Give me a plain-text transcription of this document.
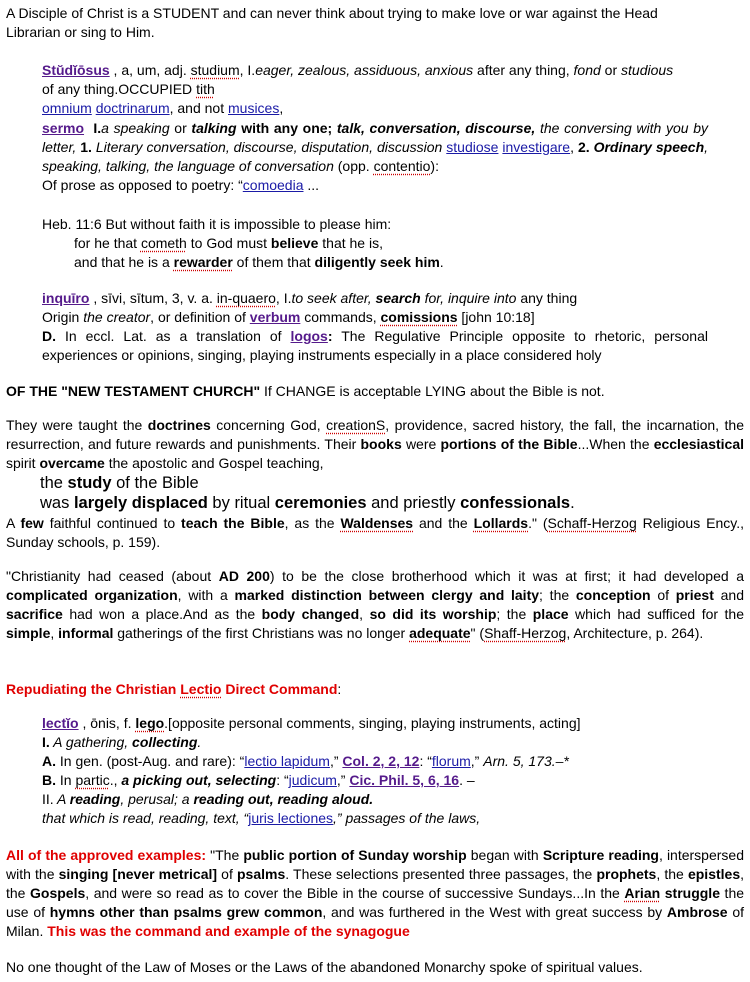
A Disciple of Christ is a STUDENT and can never think about trying to make love or war against the Head
Librarian or sing to Him.
Stŭdĭōsus , a, um, adj. studium, I.eager, zealous, assiduous, anxious after any thing, fond or studious
of any thing.OCCUPIED tith
omnium doctrinarum, and not musices,
sermo I.a speaking or talking with any one; talk, conversation, discourse, the conversing with you by letter, 1. Literary conversation, discourse, disputation, discussion studiose investigare, 2. Ordinary speech, speaking, talking, the language of conversation (opp. contentio):
Of prose as opposed to poetry: “comoedia ...
Heb. 11:6 But without faith it is impossible to please him:
for he that cometh to God must believe that he is,
and that he is a rewarder of them that diligently seek him.
inquīro , sīvi, sītum, 3, v. a. in-quaero, I.to seek after, search for, inquire into any thing
Origin the creator, or definition of verbum commands, comissions [john 10:18]
D. In eccl. Lat. as a translation of logos: The Regulative Principle opposite to rhetoric, personal experiences or opinions, singing, playing instruments especially in a place considered holy
OF THE "NEW TESTAMENT CHURCH" If CHANGE is acceptable LYING about the Bible is not.
They were taught the doctrines concerning God, creationS, providence, sacred history, the fall, the incarnation, the resurrection, and future rewards and punishments. Their books were portions of the Bible...When the ecclesiastical spirit overcame the apostolic and Gospel teaching,
the study of the Bible
was largely displaced by ritual ceremonies and priestly confessionals.
A few faithful continued to teach the Bible, as the Waldenses and the Lollards." (Schaff-Herzog Religious Ency., Sunday schools, p. 159).
"Christianity had ceased (about AD 200) to be the close brotherhood which it was at first; it had developed a complicated organization, with a marked distinction between clergy and laity; the conception of priest and sacrifice had won a place.And as the body changed, so did its worship; the place which had sufficed for the simple, informal gatherings of the first Christians was no longer adequate" (Shaff-Herzog, Architecture, p. 264).
Repudiating the Christian Lectio Direct Command:
lectĭo , ōnis, f. lego.[opposite personal comments, singing, playing instruments, acting]
I. A gathering, collecting.
A. In gen. (post-Aug. and rare): “lectio lapidum,” Col. 2, 2, 12: “florum,” Arn. 5, 173.–*
B. In partic., a picking out, selecting: “judicum,” Cic. Phil. 5, 6, 16. –
II. A reading, perusal; a reading out, reading aloud.
that which is read, reading, text, “juris lectiones,” passages of the laws,
All of the approved examples: "The public portion of Sunday worship began with Scripture reading, interspersed with the singing [never metrical] of psalms. These selections presented three passages, the prophets, the epistles, the Gospels, and were so read as to cover the Bible in the course of successive Sundays...In the Arian struggle the use of hymns other than psalms grew common, and was furthered in the West with great success by Ambrose of Milan. This was the command and example of the synagogue
No one thought of the Law of Moses or the Laws of the abandoned Monarchy spoke of spiritual values.
